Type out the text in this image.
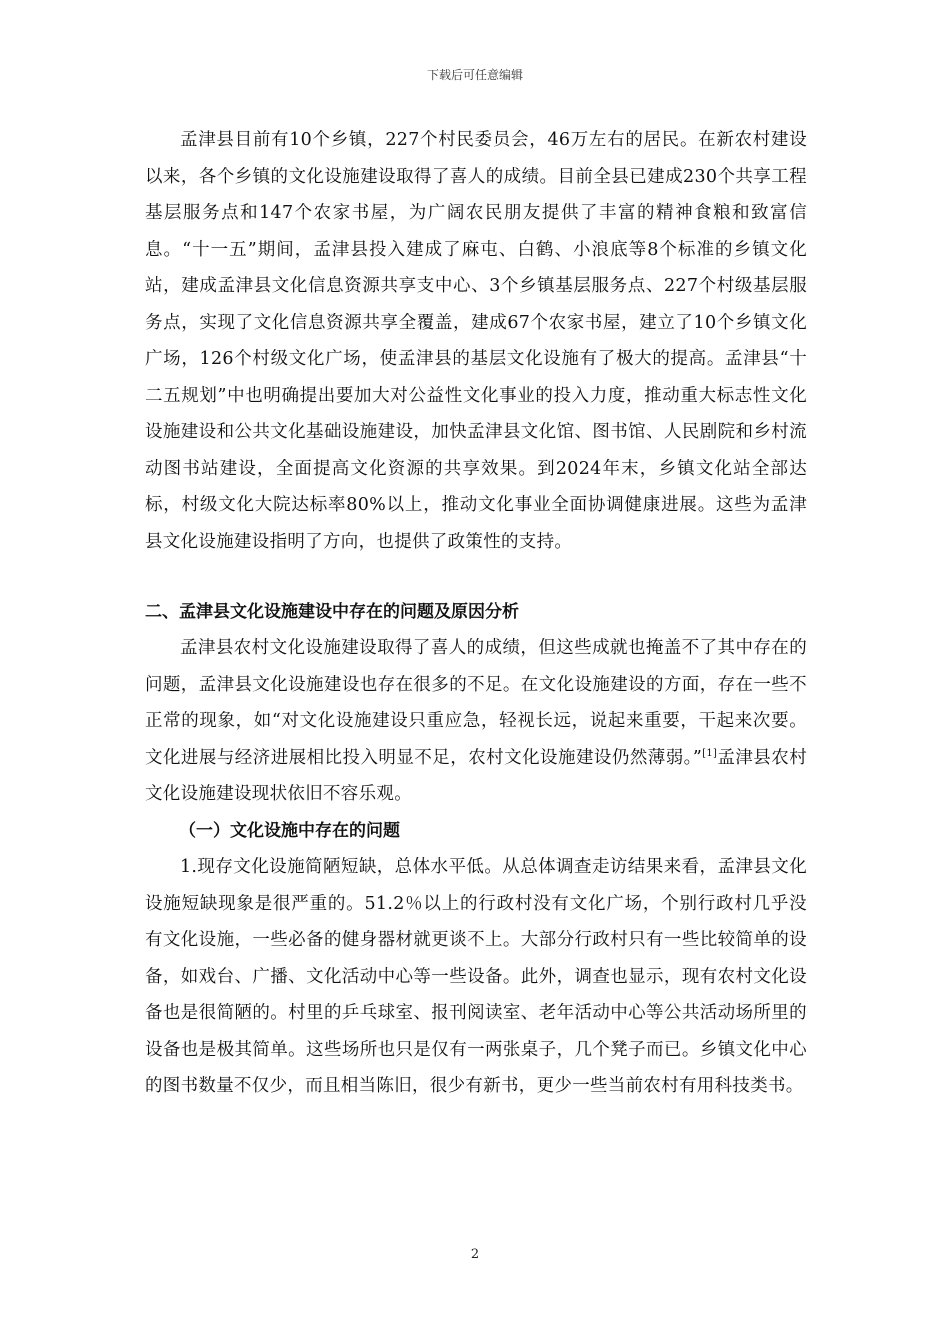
下载后可任意编辑

孟津县目前有10个乡镇，227个村民委员会，46万左右的居民。在新农村建设以来，各个乡镇的文化设施建设取得了喜人的成绩。目前全县已建成230个共享工程基层服务点和147个农家书屋，为广阔农民朋友提供了丰富的精神食粮和致富信息。“十一五”期间，孟津县投入建成了麻屯、白鹤、小浪底等8个标准的乡镇文化站，建成孟津县文化信息资源共享支中心、3个乡镇基层服务点、227个村级基层服务点，实现了文化信息资源共享全覆盖，建成67个农家书屋，建立了10个乡镇文化广场，126个村级文化广场，使孟津县的基层文化设施有了极大的提高。孟津县“十二五规划”中也明确提出要加大对公益性文化事业的投入力度，推动重大标志性文化设施建设和公共文化基础设施建设，加快孟津县文化馆、图书馆、人民剧院和乡村流动图书站建设，全面提高文化资源的共享效果。到2024年末，乡镇文化站全部达标，村级文化大院达标率80%以上，推动文化事业全面协调健康进展。这些为孟津县文化设施建设指明了方向，也提供了政策性的支持。

二、孟津县文化设施建设中存在的问题及原因分析

孟津县农村文化设施建设取得了喜人的成绩，但这些成就也掩盖不了其中存在的问题，孟津县文化设施建设也存在很多的不足。在文化设施建设的方面，存在一些不正常的现象，如“对文化设施建设只重应急，轻视长远，说起来重要，干起来次要。文化进展与经济进展相比投入明显不足，农村文化设施建设仍然薄弱。”[1]孟津县农村文化设施建设现状依旧不容乐观。

（一）文化设施中存在的问题

1.现存文化设施简陋短缺，总体水平低。从总体调查走访结果来看，孟津县文化设施短缺现象是很严重的。51.2％以上的行政村没有文化广场，个别行政村几乎没有文化设施，一些必备的健身器材就更谈不上。大部分行政村只有一些比较简单的设备，如戏台、广播、文化活动中心等一些设备。此外，调查也显示，现有农村文化设备也是很简陋的。村里的乒乓球室、报刊阅读室、老年活动中心等公共活动场所里的设备也是极其简单。这些场所也只是仅有一两张桌子，几个凳子而已。乡镇文化中心的图书数量不仅少，而且相当陈旧，很少有新书，更少一些当前农村有用科技类书。

2
